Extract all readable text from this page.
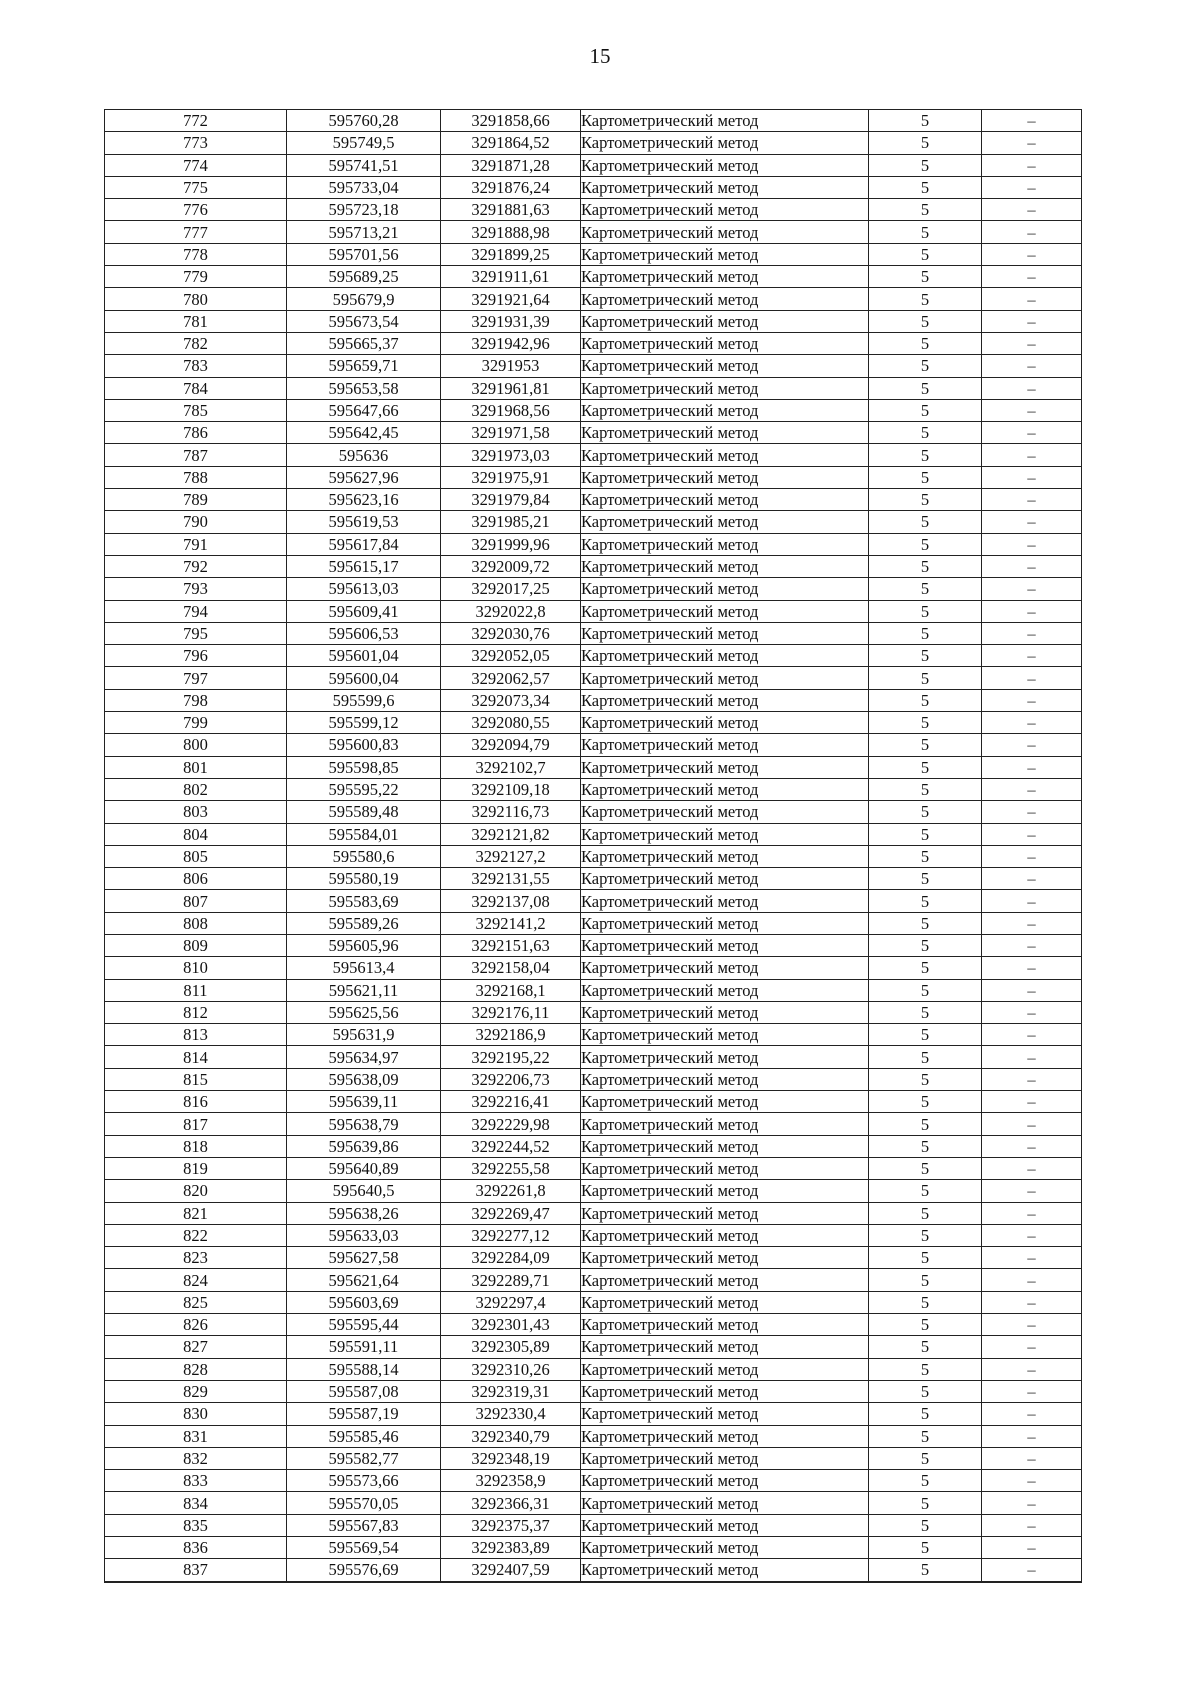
15
772	595760,28	3291858,66	Картометрический метод	5	–
773	595749,5	3291864,52	Картометрический метод	5	–
774	595741,51	3291871,28	Картометрический метод	5	–
775	595733,04	3291876,24	Картометрический метод	5	–
776	595723,18	3291881,63	Картометрический метод	5	–
777	595713,21	3291888,98	Картометрический метод	5	–
778	595701,56	3291899,25	Картометрический метод	5	–
779	595689,25	3291911,61	Картометрический метод	5	–
780	595679,9	3291921,64	Картометрический метод	5	–
781	595673,54	3291931,39	Картометрический метод	5	–
782	595665,37	3291942,96	Картометрический метод	5	–
783	595659,71	3291953	Картометрический метод	5	–
784	595653,58	3291961,81	Картометрический метод	5	–
785	595647,66	3291968,56	Картометрический метод	5	–
786	595642,45	3291971,58	Картометрический метод	5	–
787	595636	3291973,03	Картометрический метод	5	–
788	595627,96	3291975,91	Картометрический метод	5	–
789	595623,16	3291979,84	Картометрический метод	5	–
790	595619,53	3291985,21	Картометрический метод	5	–
791	595617,84	3291999,96	Картометрический метод	5	–
792	595615,17	3292009,72	Картометрический метод	5	–
793	595613,03	3292017,25	Картометрический метод	5	–
794	595609,41	3292022,8	Картометрический метод	5	–
795	595606,53	3292030,76	Картометрический метод	5	–
796	595601,04	3292052,05	Картометрический метод	5	–
797	595600,04	3292062,57	Картометрический метод	5	–
798	595599,6	3292073,34	Картометрический метод	5	–
799	595599,12	3292080,55	Картометрический метод	5	–
800	595600,83	3292094,79	Картометрический метод	5	–
801	595598,85	3292102,7	Картометрический метод	5	–
802	595595,22	3292109,18	Картометрический метод	5	–
803	595589,48	3292116,73	Картометрический метод	5	–
804	595584,01	3292121,82	Картометрический метод	5	–
805	595580,6	3292127,2	Картометрический метод	5	–
806	595580,19	3292131,55	Картометрический метод	5	–
807	595583,69	3292137,08	Картометрический метод	5	–
808	595589,26	3292141,2	Картометрический метод	5	–
809	595605,96	3292151,63	Картометрический метод	5	–
810	595613,4	3292158,04	Картометрический метод	5	–
811	595621,11	3292168,1	Картометрический метод	5	–
812	595625,56	3292176,11	Картометрический метод	5	–
813	595631,9	3292186,9	Картометрический метод	5	–
814	595634,97	3292195,22	Картометрический метод	5	–
815	595638,09	3292206,73	Картометрический метод	5	–
816	595639,11	3292216,41	Картометрический метод	5	–
817	595638,79	3292229,98	Картометрический метод	5	–
818	595639,86	3292244,52	Картометрический метод	5	–
819	595640,89	3292255,58	Картометрический метод	5	–
820	595640,5	3292261,8	Картометрический метод	5	–
821	595638,26	3292269,47	Картометрический метод	5	–
822	595633,03	3292277,12	Картометрический метод	5	–
823	595627,58	3292284,09	Картометрический метод	5	–
824	595621,64	3292289,71	Картометрический метод	5	–
825	595603,69	3292297,4	Картометрический метод	5	–
826	595595,44	3292301,43	Картометрический метод	5	–
827	595591,11	3292305,89	Картометрический метод	5	–
828	595588,14	3292310,26	Картометрический метод	5	–
829	595587,08	3292319,31	Картометрический метод	5	–
830	595587,19	3292330,4	Картометрический метод	5	–
831	595585,46	3292340,79	Картометрический метод	5	–
832	595582,77	3292348,19	Картометрический метод	5	–
833	595573,66	3292358,9	Картометрический метод	5	–
834	595570,05	3292366,31	Картометрический метод	5	–
835	595567,83	3292375,37	Картометрический метод	5	–
836	595569,54	3292383,89	Картометрический метод	5	–
837	595576,69	3292407,59	Картометрический метод	5	–
